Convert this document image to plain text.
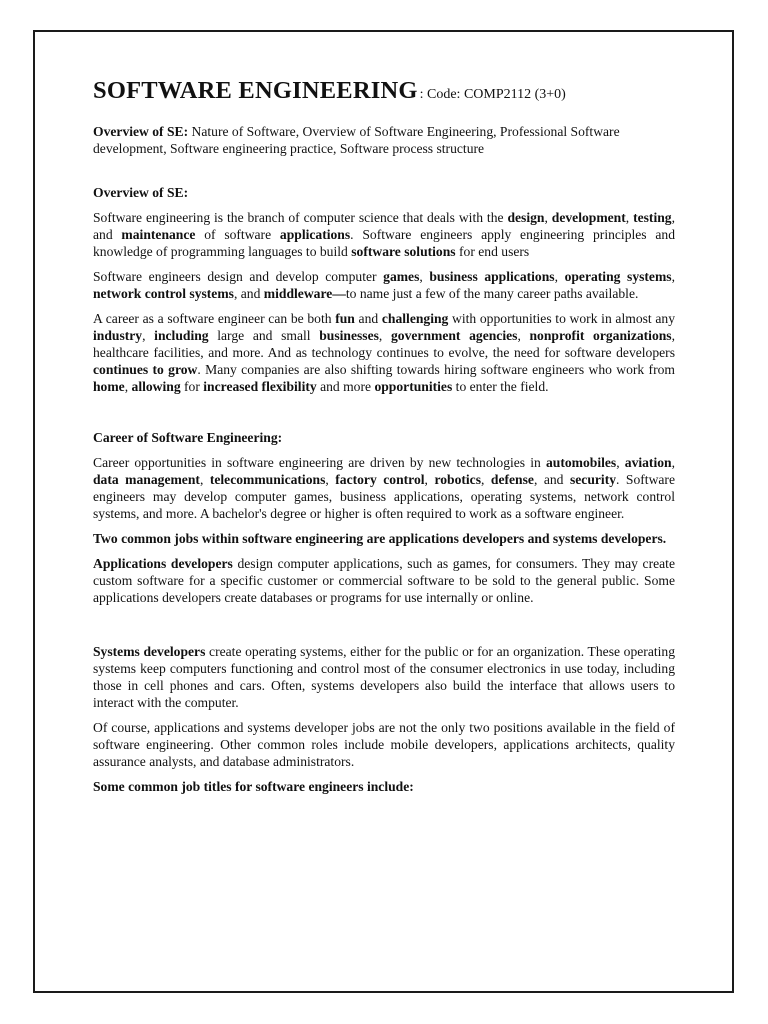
SOFTWARE ENGINEERING : Code: COMP2112 (3+0)

Overview of SE: Nature of Software, Overview of Software Engineering, Professional Software development, Software engineering practice, Software process structure

Overview of SE:

Software engineering is the branch of computer science that deals with the design, development, testing, and maintenance of software applications. Software engineers apply engineering principles and knowledge of programming languages to build software solutions for end users

Software engineers design and develop computer games, business applications, operating systems, network control systems, and middleware—to name just a few of the many career paths available.

A career as a software engineer can be both fun and challenging with opportunities to work in almost any industry, including large and small businesses, government agencies, nonprofit organizations, healthcare facilities, and more. And as technology continues to evolve, the need for software developers continues to grow. Many companies are also shifting towards hiring software engineers who work from home, allowing for increased flexibility and more opportunities to enter the field.

Career of Software Engineering:

Career opportunities in software engineering are driven by new technologies in automobiles, aviation, data management, telecommunications, factory control, robotics, defense, and security. Software engineers may develop computer games, business applications, operating systems, network control systems, and more. A bachelor's degree or higher is often required to work as a software engineer.

Two common jobs within software engineering are applications developers and systems developers.

Applications developers design computer applications, such as games, for consumers. They may create custom software for a specific customer or commercial software to be sold to the general public. Some applications developers create databases or programs for use internally or online.

Systems developers create operating systems, either for the public or for an organization. These operating systems keep computers functioning and control most of the consumer electronics in use today, including those in cell phones and cars. Often, systems developers also build the interface that allows users to interact with the computer.

Of course, applications and systems developer jobs are not the only two positions available in the field of software engineering. Other common roles include mobile developers, applications architects, quality assurance analysts, and database administrators.

Some common job titles for software engineers include:
